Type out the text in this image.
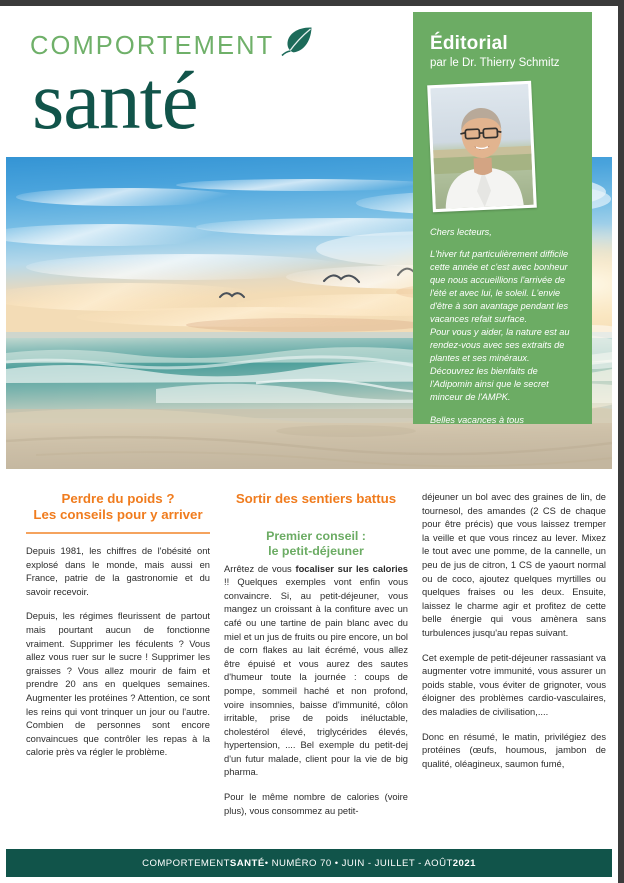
COMPORTEMENT
santé
Éditorial
par le Dr. Thierry Schmitz

Chers lecteurs,

L'hiver fut particulièrement difficile cette année et c'est avec bonheur que nous accueillions l'arrivée de l'été et avec lui, le soleil. L'envie d'être à son avantage pendant les vacances refait surface.

Pour vous y aider, la nature est au rendez-vous avec ses extraits de plantes et ses minéraux. Découvrez les bienfaits de l'Adipomin ainsi que le secret minceur de l'AMPK.

Belles vacances à tous

Perdre du poids ?
Les conseils pour y arriver

Depuis 1981, les chiffres de l'obésité ont explosé dans le monde, mais aussi en France, patrie de la gastronomie et du savoir recevoir.

Depuis, les régimes fleurissent de partout mais pourtant aucun de fonctionne vraiment. Supprimer les féculents ? Vous allez vous ruer sur le sucre ! Supprimer les graisses ? Vous allez mourir de faim et prendre 20 ans en quelques semaines. Augmenter les protéines ? Attention, ce sont les reins qui vont trinquer un jour ou l'autre. Combien de personnes sont encore convaincues que contrôler les repas à la calorie près va régler le problème.

Sortir des sentiers battus
Premier conseil :
le petit-déjeuner

Arrêtez de vous focaliser sur les calories !! Quelques exemples vont enfin vous convaincre. Si, au petit-déjeuner, vous mangez un croissant à la confiture avec un café ou une tartine de pain blanc avec du miel et un jus de fruits ou pire encore, un bol de corn flakes au lait écrémé, vous allez être épuisé et vous aurez des sautes d'humeur toute la journée : coups de pompe, sommeil haché et non profond, voire insomnies, baisse d'immunité, côlon irritable, prise de poids inéluctable, cholestérol élevé, triglycérides élevés, hypertension, .... Bel exemple du petit-dej d'un futur malade, client pour la vie de big pharma.

Pour le même nombre de calories (voire plus), vous consommez au petit-

déjeuner un bol avec des graines de lin, de tournesol, des amandes (2 CS de chaque pour être précis) que vous laissez tremper la veille et que vous rincez au lever. Mixez le tout avec une pomme, de la cannelle, un peu de jus de citron, 1 CS de yaourt normal ou de coco, ajoutez quelques myrtilles ou quelques fraises ou les deux. Ensuite, laissez le charme agir et profitez de cette belle énergie qui vous amènera sans turbulences jusqu'au repas suivant.

Cet exemple de petit-déjeuner rassasiant va augmenter votre immunité, vous assurer un poids stable, vous éviter de grignoter, vous éloigner des problèmes cardio-vasculaires, des maladies de civilisation,....

Donc en résumé, le matin, privilégiez des protéines (œufs, houmous, jambon de qualité, oléagineux, saumon fumé,

COMPORTEMENT SANTÉ • NUMÉRO 70 • JUIN - JUILLET - AOÛT 2021
